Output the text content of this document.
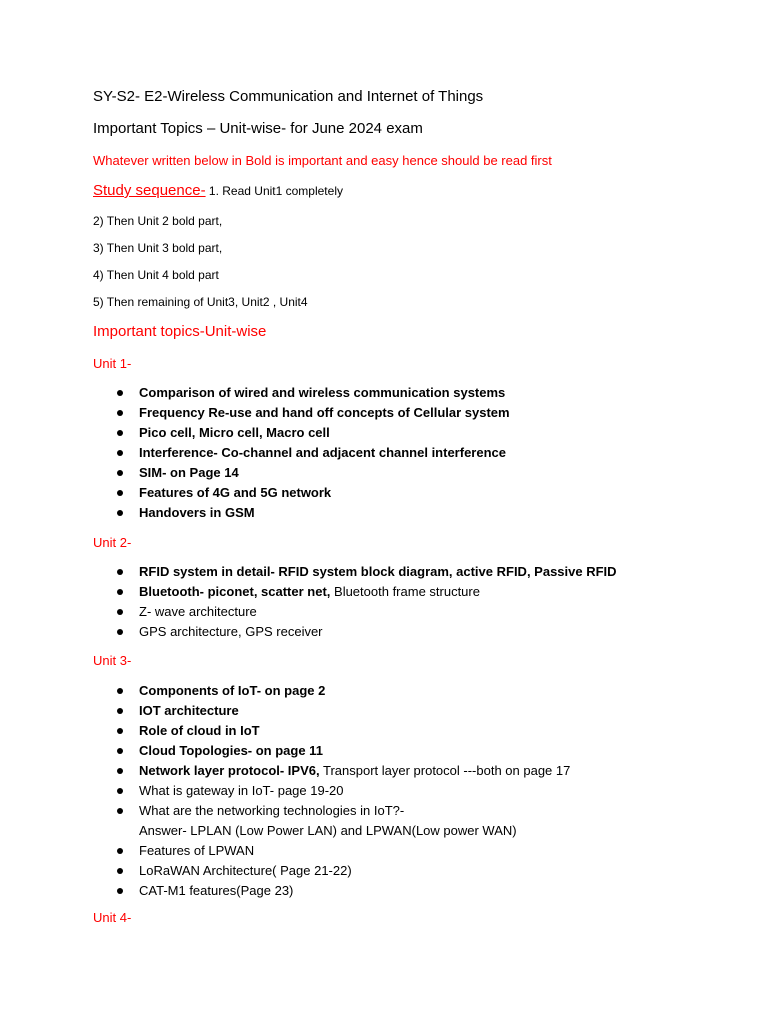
SY-S2- E2-Wireless Communication and Internet of Things
Important Topics – Unit-wise- for June 2024 exam
Whatever written below in Bold is important and easy hence should be read first
Study sequence- 1. Read Unit1 completely
2) Then Unit 2 bold part,
3) Then Unit 3 bold part,
4) Then Unit 4 bold part
5) Then remaining of Unit3, Unit2 , Unit4
Important topics-Unit-wise
Unit 1-
Comparison of wired and wireless communication systems
Frequency Re-use and hand off concepts of Cellular system
Pico cell, Micro cell, Macro cell
Interference- Co-channel and adjacent channel interference
SIM- on Page 14
Features of 4G and 5G network
Handovers in GSM
Unit 2-
RFID system in detail- RFID system block diagram, active RFID, Passive RFID
Bluetooth- piconet, scatter net, Bluetooth frame structure
Z- wave architecture
GPS architecture, GPS receiver
Unit 3-
Components of IoT- on page 2
IOT architecture
Role of cloud in IoT
Cloud Topologies- on page 11
Network layer protocol- IPV6, Transport layer protocol ---both on page 17
What is gateway in IoT- page 19-20
What are the networking technologies in IoT?-
Answer- LPLAN (Low Power LAN) and LPWAN(Low power WAN)
Features of LPWAN
LoRaWAN Architecture( Page 21-22)
CAT-M1 features(Page 23)
Unit 4-
